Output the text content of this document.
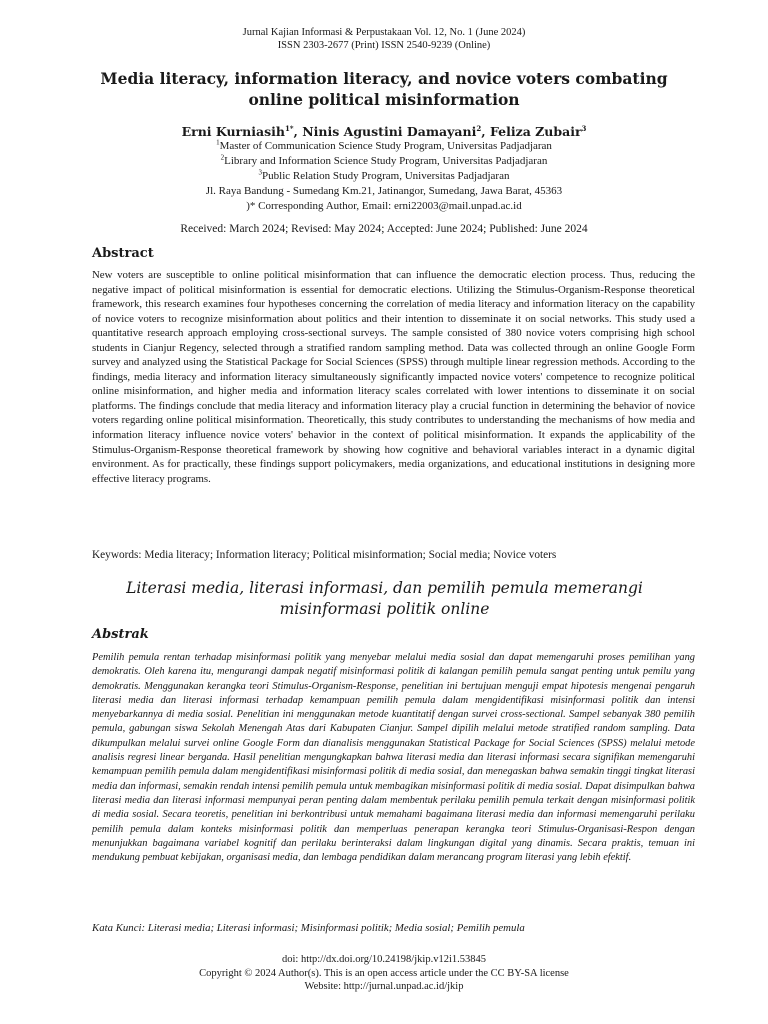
Jurnal Kajian Informasi & Perpustakaan Vol. 12, No. 1 (June 2024)
ISSN 2303-2677 (Print) ISSN 2540-9239 (Online)
Media literacy, information literacy, and novice voters combating online political misinformation
Erni Kurniasih$^{1*}$, Ninis Agustini Damayani$^2$, Feliza Zubair$^3$
$^1$Master of Communication Science Study Program, Universitas Padjadjaran
$^2$Library and Information Science Study Program, Universitas Padjadjaran
$^3$Public Relation Study Program, Universitas Padjadjaran
Jl. Raya Bandung - Sumedang Km.21, Jatinangor, Sumedang, Jawa Barat, 45363
)* Corresponding Author, Email: erni22003@mail.unpad.ac.id
Received: March 2024; Revised: May 2024; Accepted: June 2024; Published: June 2024
Abstract
New voters are susceptible to online political misinformation that can influence the democratic election process. Thus, reducing the negative impact of political misinformation is essential for democratic elections. Utilizing the Stimulus-Organism-Response theoretical framework, this research examines four hypotheses concerning the correlation of media literacy and information literacy on the capability of novice voters to recognize misinformation about politics and their intention to disseminate it on social networks. This study used a quantitative research approach employing cross-sectional surveys. The sample consisted of 380 novice voters comprising high school students in Cianjur Regency, selected through a stratified random sampling method. Data was collected through an online Google Form survey and analyzed using the Statistical Package for Social Sciences (SPSS) through multiple linear regression methods. According to the findings, media literacy and information literacy simultaneously significantly impacted novice voters' competence to recognize political online misinformation, and higher media and information literacy scales correlated with lower intentions to disseminate it on social platforms. The findings conclude that media literacy and information literacy play a crucial function in determining the behavior of novice voters regarding online political misinformation. Theoretically, this study contributes to understanding the mechanisms of how media and information literacy influence novice voters' behavior in the context of political misinformation. It expands the applicability of the Stimulus-Organism-Response theoretical framework by showing how cognitive and behavioral variables interact in a dynamic digital environment. As for practically, these findings support policymakers, media organizations, and educational institutions in designing more effective literacy programs.
Keywords: Media literacy; Information literacy; Political misinformation; Social media; Novice voters
Literasi media, literasi informasi, dan pemilih pemula memerangi misinformasi politik online
Abstrak
Pemilih pemula rentan terhadap misinformasi politik yang menyebar melalui media sosial dan dapat memengaruhi proses pemilihan yang demokratis. Oleh karena itu, mengurangi dampak negatif misinformasi politik di kalangan pemilih pemula sangat penting untuk pemilu yang demokratis. Menggunakan kerangka teori Stimulus-Organism-Response, penelitian ini bertujuan menguji empat hipotesis mengenai pengaruh literasi media dan literasi informasi terhadap kemampuan pemilih pemula dalam mengidentifikasi misinformasi politik dan intensi menyebarkannya di media sosial. Penelitian ini menggunakan metode kuantitatif dengan survei cross-sectional. Sampel sebanyak 380 pemilih pemula, gabungan siswa Sekolah Menengah Atas dari Kabupaten Cianjur. Sampel dipilih melalui metode stratified random sampling. Data dikumpulkan melalui survei online Google Form dan dianalisis menggunakan Statistical Package for Social Sciences (SPSS) melalui metode analisis regresi linear berganda. Hasil penelitian mengungkapkan bahwa literasi media dan literasi informasi secara signifikan memengaruhi kemampuan pemilih pemula dalam mengidentifikasi misinformasi politik di media sosial, dan menegaskan bahwa semakin tinggi tingkat literasi media dan informasi, semakin rendah intensi pemilih pemula untuk membagikan misinformasi politik di media sosial. Dapat disimpulkan bahwa literasi media dan literasi informasi mempunyai peran penting dalam membentuk perilaku pemilih pemula terkait dengan misinformasi politik di media sosial. Secara teoretis, penelitian ini berkontribusi untuk memahami bagaimana literasi media dan informasi memengaruhi perilaku pemilih pemula dalam konteks misinformasi politik dan memperluas penerapan kerangka teori Stimulus-Organisasi-Respon dengan menunjukkan bagaimana variabel kognitif dan perilaku berinteraksi dalam lingkungan digital yang dinamis. Secara praktis, temuan ini mendukung pembuat kebijakan, organisasi media, dan lembaga pendidikan dalam merancang program literasi yang lebih efektif.
Kata Kunci: Literasi media; Literasi informasi; Misinformasi politik; Media sosial; Pemilih pemula
doi: http://dx.doi.org/10.24198/jkip.v12i1.53845
Copyright © 2024 Author(s). This is an open access article under the CC BY-SA license
Website: http://jurnal.unpad.ac.id/jkip
